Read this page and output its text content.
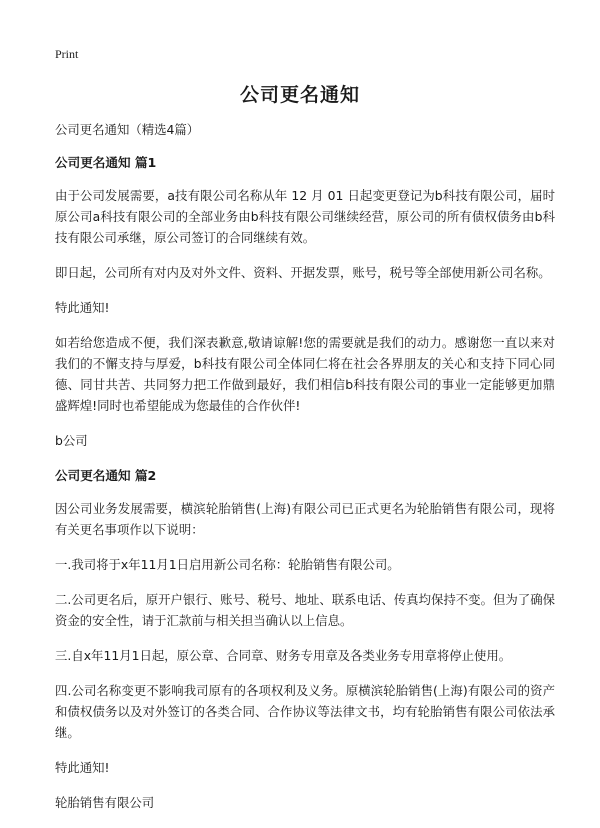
Print
公司更名通知

公司更名通知（精选4篇）

公司更名通知 篇1

由于公司发展需要，a技有限公司名称从年 12 月 01 日起变更登记为b科技有限公司，届时原公司a科技有限公司的全部业务由b科技有限公司继续经营，原公司的所有债权债务由b科技有限公司承继，原公司签订的合同继续有效。

即日起，公司所有对内及对外文件、资料、开据发票，账号，税号等全部使用新公司名称。

特此通知!

如若给您造成不便，我们深表歉意,敬请谅解!您的需要就是我们的动力。感谢您一直以来对我们的不懈支持与厚爱，b科技有限公司全体同仁将在社会各界朋友的关心和支持下同心同德、同甘共苦、共同努力把工作做到最好，我们相信b科技有限公司的事业一定能够更加鼎盛辉煌!同时也希望能成为您最佳的合作伙伴!

b公司

公司更名通知 篇2

因公司业务发展需要，横滨轮胎销售(上海)有限公司已正式更名为轮胎销售有限公司，现将有关更名事项作以下说明：

一.我司将于x年11月1日启用新公司名称：轮胎销售有限公司。

二.公司更名后，原开户银行、账号、税号、地址、联系电话、传真均保持不变。但为了确保资金的安全性，请于汇款前与相关担当确认以上信息。

三.自x年11月1日起，原公章、合同章、财务专用章及各类业务专用章将停止使用。

四.公司名称变更不影响我司原有的各项权利及义务。原横滨轮胎销售(上海)有限公司的资产和债权债务以及对外签订的各类合同、合作协议等法律文书，均有轮胎销售有限公司依法承继。

特此通知!

轮胎销售有限公司
